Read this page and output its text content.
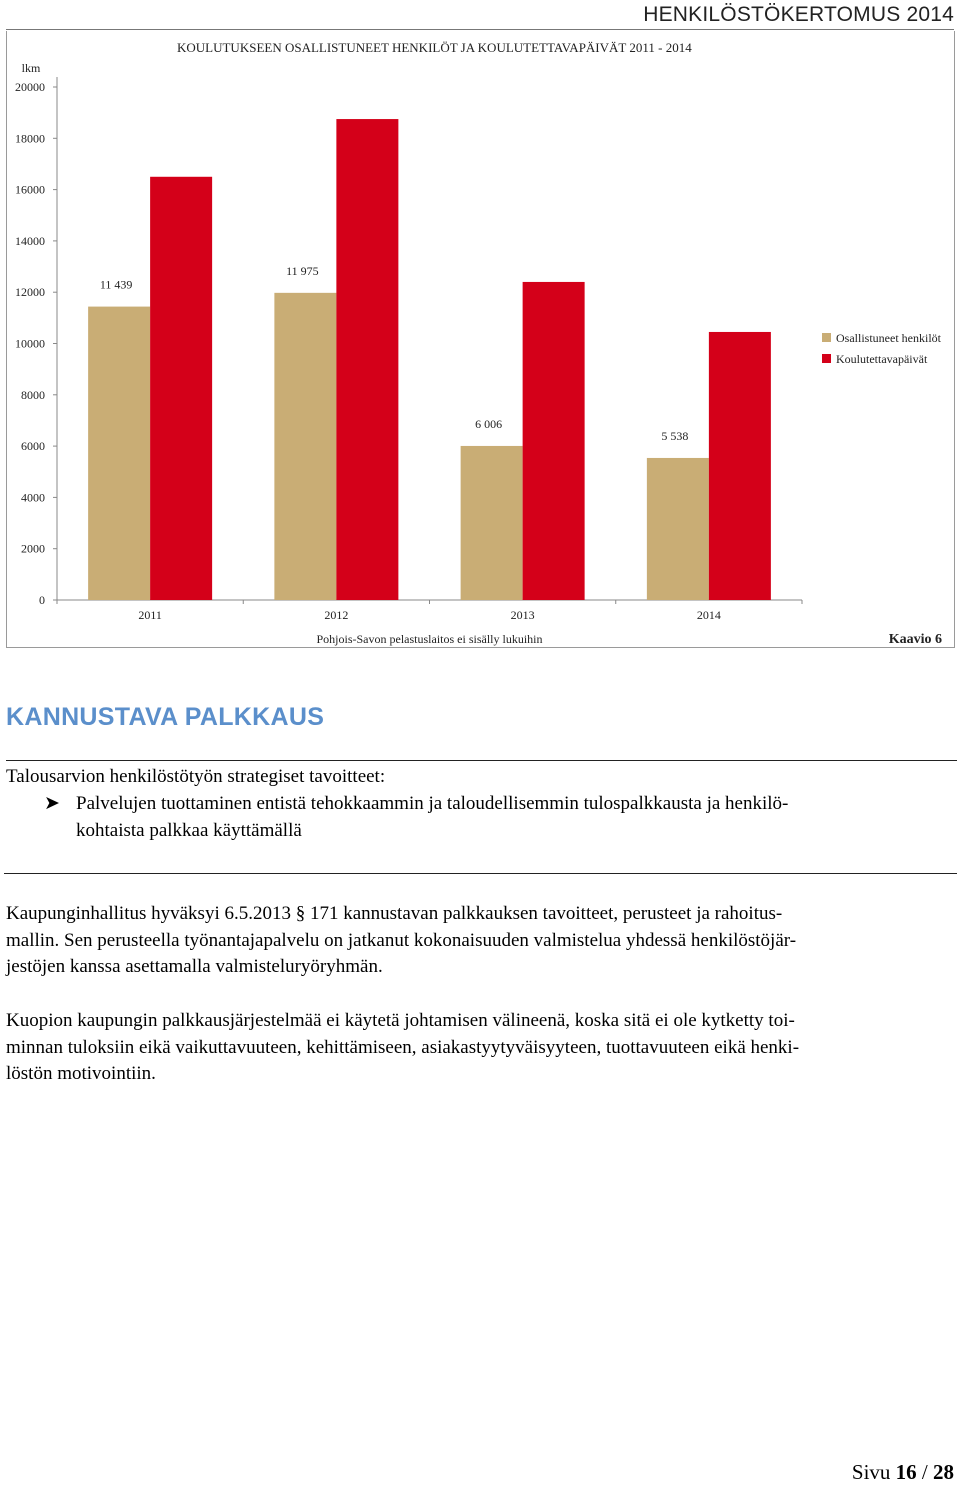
HENKILÖSTÖKERTOMUS 2014
KOULUTUKSEEN OSALLISTUNEET HENKILÖT JA KOULUTETTAVAPÄIVÄT 2011 - 2014
lkm
20000
18000
16000
14000
12000
10000
8000
6000
4000
2000
0
11 439
2011
11 975
2012
6 006
2013
5 538
2014
Pohjois-Savon pelastuslaitos ei sisälly lukuihin	Kaavio 6
Osallistuneet henkilöt
Koulutettavapäivät
KANNUSTAVA PALKKAUS
Talousarvion henkilöstötyön strategiset tavoitteet:
➤ Palvelujen tuottaminen entistä tehokkaammin ja taloudellisemmin tulospalkkausta ja henkilö-
kohtaista palkkaa käyttämällä
Kaupunginhallitus hyväksyi 6.5.2013 § 171 kannustavan palkkauksen tavoitteet, perusteet ja rahoitus-
mallin. Sen perusteella työnantajapalvelu on jatkanut kokonaisuuden valmistelua yhdessä henkilöstöjär-
jestöjen kanssa asettamalla valmisteluryöryhmän.
Kuopion kaupungin palkkausjärjestelmää ei käytetä johtamisen välineenä, koska sitä ei ole kytketty toi-
minnan tuloksiin eikä vaikuttavuuteen, kehittämiseen, asiakastyytyväisyyteen, tuottavuuteen eikä henki-
löstön motivointiin.
Sivu 16 / 28
